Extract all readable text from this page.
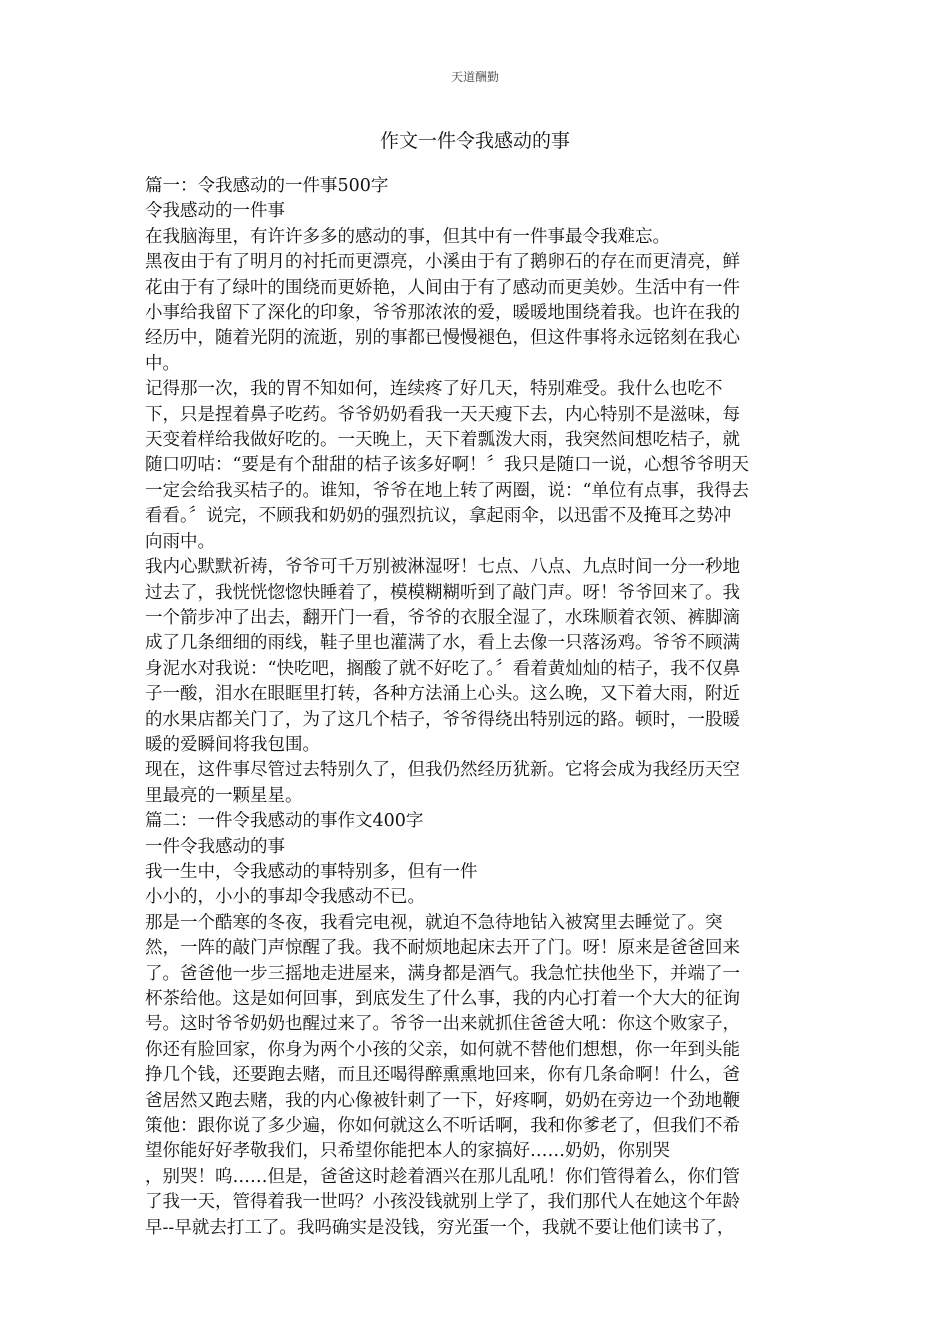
天道酬勤
作文一件令我感动的事

篇一：令我感动的一件事500字

令我感动的一件事

在我脑海里，有许许多多的感动的事，但其中有一件事最令我难忘。

黑夜由于有了明月的衬托而更漂亮，小溪由于有了鹅卵石的存在而更清亮，鲜

花由于有了绿叶的围绕而更娇艳，人间由于有了感动而更美妙。生活中有一件

小事给我留下了深化的印象，爷爷那浓浓的爱，暖暖地围绕着我。也许在我的

经历中，随着光阴的流逝，别的事都已慢慢褪色，但这件事将永远铭刻在我心

中。

记得那一次，我的胃不知如何，连续疼了好几天，特别难受。我什么也吃不

下，只是捏着鼻子吃药。爷爷奶奶看我一天天瘦下去，内心特别不是滋味，每

天变着样给我做好吃的。一天晚上，天下着瓢泼大雨，我突然间想吃桔子，就

随口叨咕：“要是有个甜甜的桔子该多好啊！〞我只是随口一说，心想爷爷明天

一定会给我买桔子的。谁知，爷爷在地上转了两圈，说：“单位有点事，我得去

看看。〞说完，不顾我和奶奶的强烈抗议，拿起雨伞，以迅雷不及掩耳之势冲

向雨中。

我内心默默祈祷，爷爷可千万别被淋湿呀！七点、八点、九点时间一分一秒地

过去了，我恍恍惚惚快睡着了，模模糊糊听到了敲门声。呀！爷爷回来了。我

一个箭步冲了出去，翻开门一看，爷爷的衣服全湿了，水珠顺着衣领、裤脚滴

成了几条细细的雨线，鞋子里也灌满了水，看上去像一只落汤鸡。爷爷不顾满

身泥水对我说：“快吃吧，搁酸了就不好吃了。〞看着黄灿灿的桔子，我不仅鼻

子一酸，泪水在眼眶里打转，各种方法涌上心头。这么晚，又下着大雨，附近

的水果店都关门了，为了这几个桔子，爷爷得绕出特别远的路。顿时，一股暖

暖的爱瞬间将我包围。

现在，这件事尽管过去特别久了，但我仍然经历犹新。它将会成为我经历天空

里最亮的一颗星星。

篇二：一件令我感动的事作文400字

一件令我感动的事

我一生中，令我感动的事特别多，但有一件

小小的，小小的事却令我感动不已。

那是一个酷寒的冬夜，我看完电视，就迫不急待地钻入被窝里去睡觉了。突

然，一阵的敲门声惊醒了我。我不耐烦地起床去开了门。呀！原来是爸爸回来

了。爸爸他一步三摇地走进屋来，满身都是酒气。我急忙扶他坐下，并端了一

杯茶给他。这是如何回事，到底发生了什么事，我的内心打着一个大大的征询

号。这时爷爷奶奶也醒过来了。爷爷一出来就抓住爸爸大吼：你这个败家子，

你还有脸回家，你身为两个小孩的父亲，如何就不替他们想想，你一年到头能

挣几个钱，还要跑去赌，而且还喝得醉熏熏地回来，你有几条命啊！什么，爸

爸居然又跑去赌，我的内心像被针刺了一下，好疼啊，奶奶在旁边一个劲地鞭

策他：跟你说了多少遍，你如何就这么不听话啊，我和你爹老了，但我们不希

望你能好好孝敬我们，只希望你能把本人的家搞好……奶奶，你别哭

，别哭！呜……但是，爸爸这时趁着酒兴在那儿乱吼！你们管得着么，你们管

了我一天，管得着我一世吗？小孩没钱就别上学了，我们那代人在她这个年龄

早--早就去打工了。我吗确实是没钱，穷光蛋一个，我就不要让他们读书了，
